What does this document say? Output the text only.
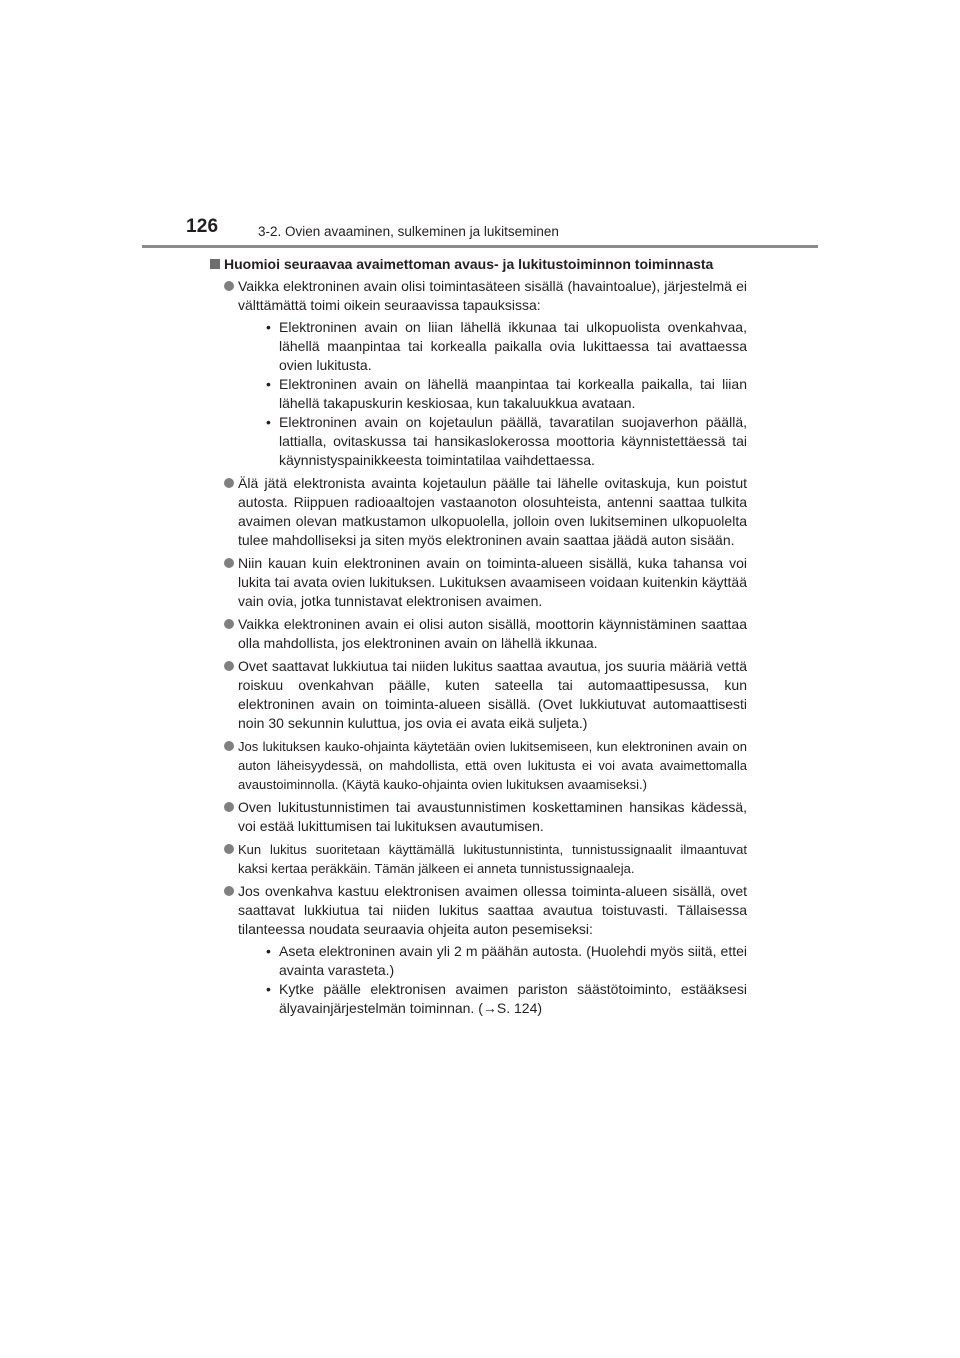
126	3-2. Ovien avaaminen, sulkeminen ja lukitseminen
Huomioi seuraavaa avaimettoman avaus- ja lukitustoiminnon toiminnasta
Vaikka elektroninen avain olisi toimintasäteen sisällä (havaintoalue), järjestelmä ei välttämättä toimi oikein seuraavissa tapauksissa:
• Elektroninen avain on liian lähellä ikkunaa tai ulkopuolista ovenkahvaa, lähellä maanpintaa tai korkealla paikalla ovia lukittaessa tai avattaessa ovien lukitusta.
• Elektroninen avain on lähellä maanpintaa tai korkealla paikalla, tai liian lähellä takapuskurin keskiosaa, kun takaluukkua avataan.
• Elektroninen avain on kojetaulun päällä, tavaratilan suojaverhon päällä, lattialla, ovitaskussa tai hansikaslokerossa moottoria käynnistettäessä tai käynnistyspainikkeesta toimintatilaa vaihdettaessa.
Älä jätä elektronista avainta kojetaulun päälle tai lähelle ovitaskuja, kun poistut autosta. Riippuen radioaaltojen vastaanoton olosuhteista, antenni saattaa tulkita avaimen olevan matkustamon ulkopuolella, jolloin oven lukitseminen ulkopuolelta tulee mahdolliseksi ja siten myös elektroninen avain saattaa jäädä auton sisään.
Niin kauan kuin elektroninen avain on toiminta-alueen sisällä, kuka tahansa voi lukita tai avata ovien lukituksen. Lukituksen avaamiseen voidaan kuitenkin käyttää vain ovia, jotka tunnistavat elektronisen avaimen.
Vaikka elektroninen avain ei olisi auton sisällä, moottorin käynnistäminen saattaa olla mahdollista, jos elektroninen avain on lähellä ikkunaa.
Ovet saattavat lukkiutua tai niiden lukitus saattaa avautua, jos suuria määriä vettä roiskuu ovenkahvan päälle, kuten sateella tai automaattipesussa, kun elektroninen avain on toiminta-alueen sisällä. (Ovet lukkiutuvat automaattisesti noin 30 sekunnin kuluttua, jos ovia ei avata eikä suljeta.)
Jos lukituksen kauko-ohjainta käytetään ovien lukitsemiseen, kun elektroninen avain on auton läheisyydessä, on mahdollista, että oven lukitusta ei voi avata avaimettomalla avaustoiminnolla. (Käytä kauko-ohjainta ovien lukituksen avaamiseksi.)
Oven lukitustunnistimen tai avaustunnistimen koskettaminen hansikas kädessä, voi estää lukittumisen tai lukituksen avautumisen.
Kun lukitus suoritetaan käyttämällä lukitustunnistinta, tunnistussignaalit ilmaantuvat kaksi kertaa peräkkäin. Tämän jälkeen ei anneta tunnistussignaaleja.
Jos ovenkahva kastuu elektronisen avaimen ollessa toiminta-alueen sisällä, ovet saattavat lukkiutua tai niiden lukitus saattaa avautua toistuvasti. Tällaisessa tilanteessa noudata seuraavia ohjeita auton pesemiseksi:
• Aseta elektroninen avain yli 2 m päähän autosta. (Huolehdi myös siitä, ettei avainta varasteta.)
• Kytke päälle elektronisen avaimen pariston säästötoiminto, estääksesi älyavainjärjestelmän toiminnan. (→S. 124)
